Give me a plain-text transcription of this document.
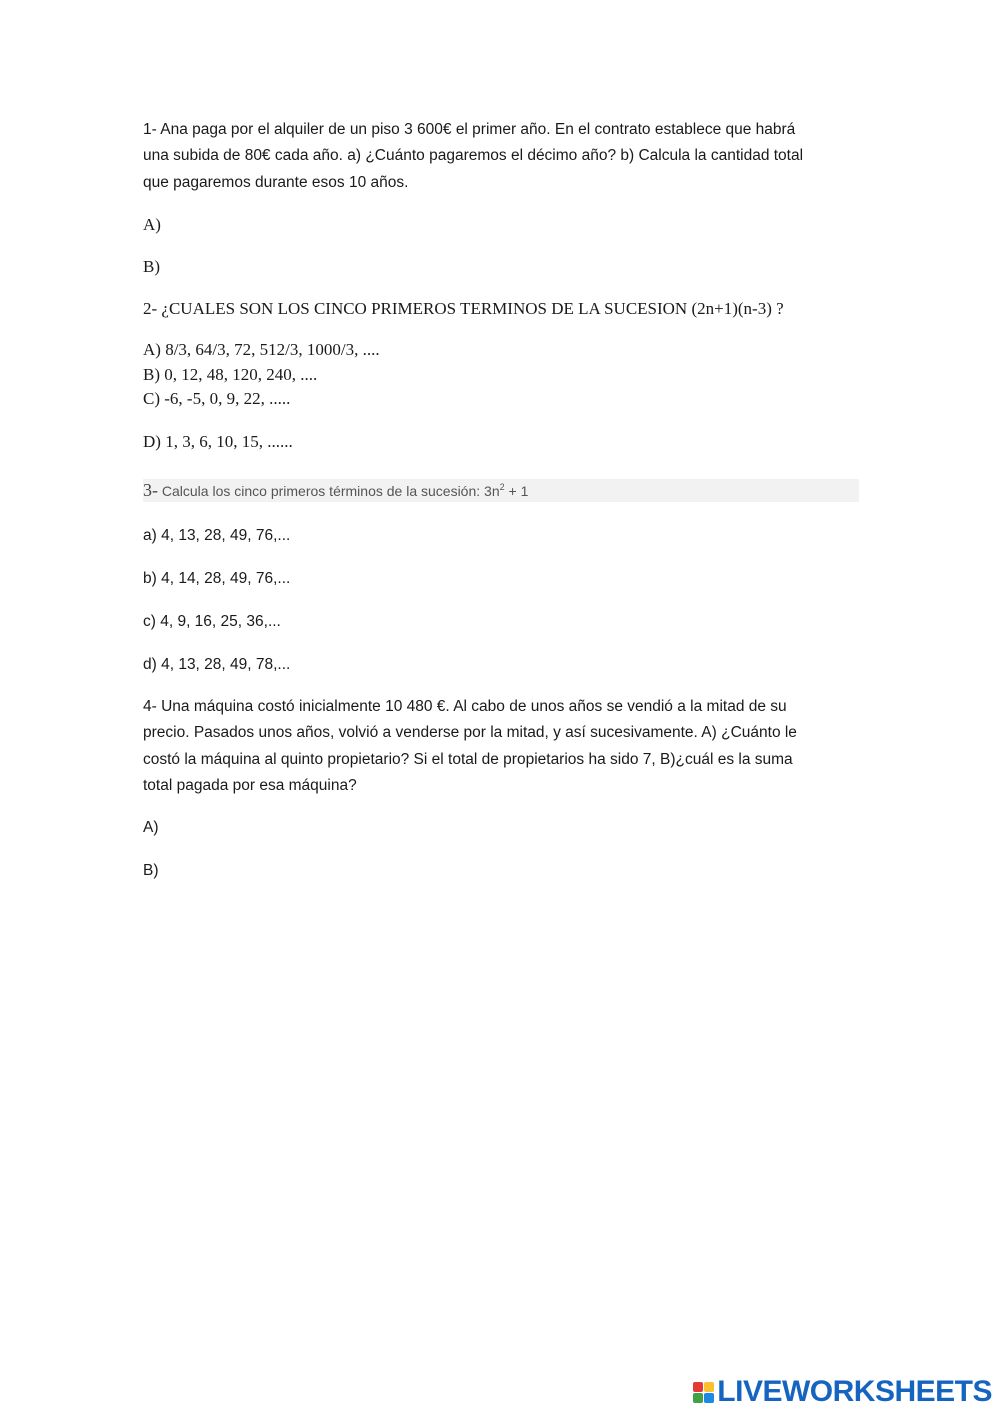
1- Ana paga por el alquiler de un piso 3 600€ el primer año. En el contrato establece que habrá

una subida de 80€ cada año. a) ¿Cuánto pagaremos el décimo año? b) Calcula la cantidad total

que pagaremos durante esos 10 años.

A)

B)

2- ¿CUALES SON LOS CINCO PRIMEROS TERMINOS DE LA SUCESION (2n+1)(n-3) ?

A) 8/3, 64/3, 72, 512/3, 1000/3, ....

B) 0, 12, 48, 120, 240, ....

C) -6, -5, 0, 9, 22, .....

D) 1, 3, 6, 10, 15, ......

3- Calcula los cinco primeros términos de la sucesión: $3n^2 + 1$

a) 4, 13, 28, 49, 76,...

b) 4, 14, 28, 49, 76,...

c) 4, 9, 16, 25, 36,...

d) 4, 13, 28, 49, 78,...

4- Una máquina costó inicialmente 10 480 €. Al cabo de unos años se vendió a la mitad de su

precio. Pasados unos años, volvió a venderse por la mitad, y así sucesivamente. A) ¿Cuánto le

costó la máquina al quinto propietario? Si el total de propietarios ha sido 7, B)¿cuál es la suma

total pagada por esa máquina?

A)

B)

LIVEWORKSHEETS
